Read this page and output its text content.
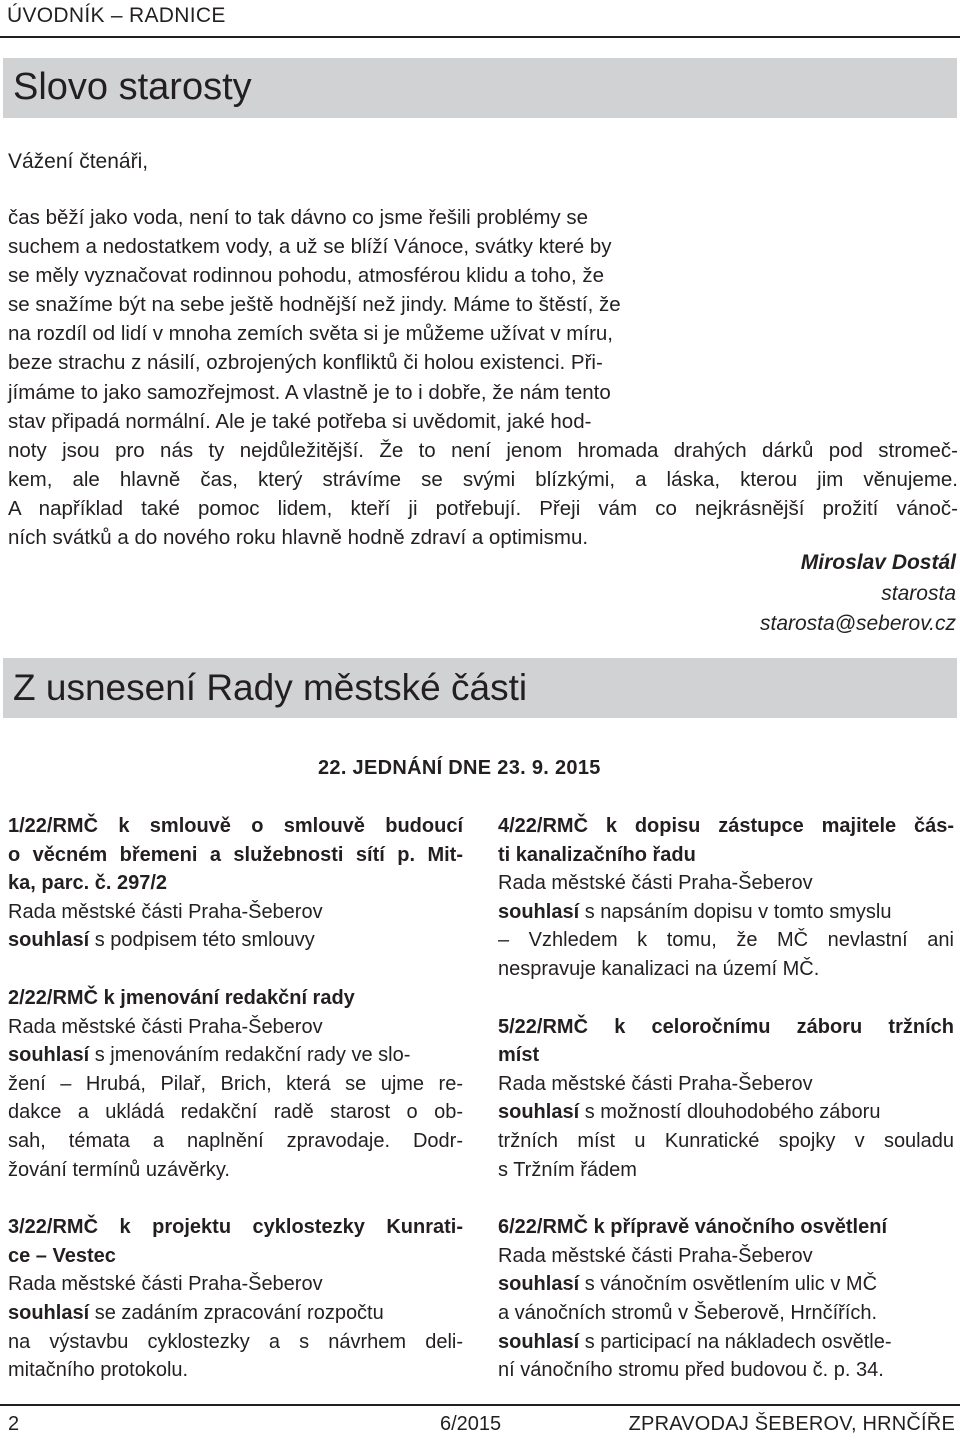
ÚVODNÍK – RADNICE
Slovo starosty
Vážení čtenáři,
čas běží jako voda, není to tak dávno co jsme řešili problémy se
suchem a nedostatkem vody, a už se blíží Vánoce, svátky které by
se měly vyznačovat rodinnou pohodu, atmosférou klidu a toho, že
se snažíme být na sebe ještě hodnější než jindy. Máme to štěstí, že
na rozdíl od lidí v mnoha zemích světa si je můžeme užívat v míru,
beze strachu z násilí, ozbrojených konfliktů či holou existenci. Při-
jímáme to jako samozřejmost. A vlastně je to i dobře, že nám tento
stav připadá normální. Ale je také potřeba si uvědomit, jaké hod-
noty jsou pro nás ty nejdůležitější. Že to není jenom hromada drahých dárků pod stromeč-
kem, ale hlavně čas, který strávíme se svými blízkými, a láska, kterou jim věnujeme.
A například také pomoc lidem, kteří ji potřebují. Přeji vám co nejkrásnější prožití vánoč-
ních svátků a do nového roku hlavně hodně zdraví a optimismu.
Miroslav Dostál
starosta
starosta@seberov.cz
Z usnesení Rady městské části
22. JEDNÁNÍ DNE 23. 9. 2015
1/22/RMČ k smlouvě o smlouvě budoucí
o věcném břemeni a služebnosti sítí p. Mit-
ka, parc. č. 297/2
Rada městské části Praha-Šeberov
souhlasí s podpisem této smlouvy
2/22/RMČ k jmenování redakční rady
Rada městské části Praha-Šeberov
souhlasí s jmenováním redakční rady ve slo-
žení – Hrubá, Pilař, Brich, která se ujme re-
dakce a ukládá redakční radě starost o ob-
sah, témata a naplnění zpravodaje. Dodr-
žování termínů uzávěrky.
3/22/RMČ k projektu cyklostezky Kunrati-
ce – Vestec
Rada městské části Praha-Šeberov
souhlasí se zadáním zpracování rozpočtu
na výstavbu cyklostezky a s návrhem deli-
mitačního protokolu.
4/22/RMČ k dopisu zástupce majitele čás-
ti kanalizačního řadu
Rada městské části Praha-Šeberov
souhlasí s napsáním dopisu v tomto smyslu
– Vzhledem k tomu, že MČ nevlastní ani
nespravuje kanalizaci na území MČ.
5/22/RMČ k celoročnímu záboru tržních
míst
Rada městské části Praha-Šeberov
souhlasí s možností dlouhodobého záboru
tržních míst u Kunratické spojky v souladu
s Tržním řádem
6/22/RMČ k přípravě vánočního osvětlení
Rada městské části Praha-Šeberov
souhlasí s vánočním osvětlením ulic v MČ
a vánočních stromů v Šeberově, Hrnčířích.
souhlasí s participací na nákladech osvětle-
ní vánočního stromu před budovou č. p. 34.
2	6/2015	ZPRAVODAJ ŠEBEROV, HRNČÍŘE
